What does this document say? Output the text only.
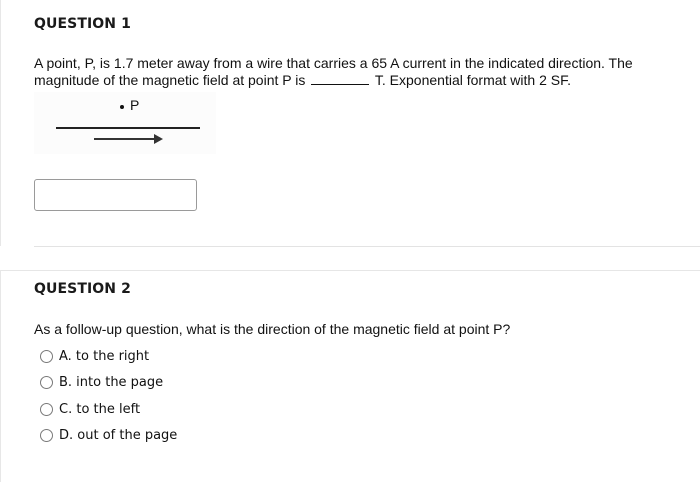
QUESTION 1
A point, P, is 1.7 meter away from a wire that carries a 65 A current in the indicated direction. The magnitude of the magnetic field at point P is	T. Exponential format with 2 SF.
P
QUESTION 2
As a follow-up question, what is the direction of the magnetic field at point P?
A. to the right
B. into the page
C. to the left
D. out of the page
